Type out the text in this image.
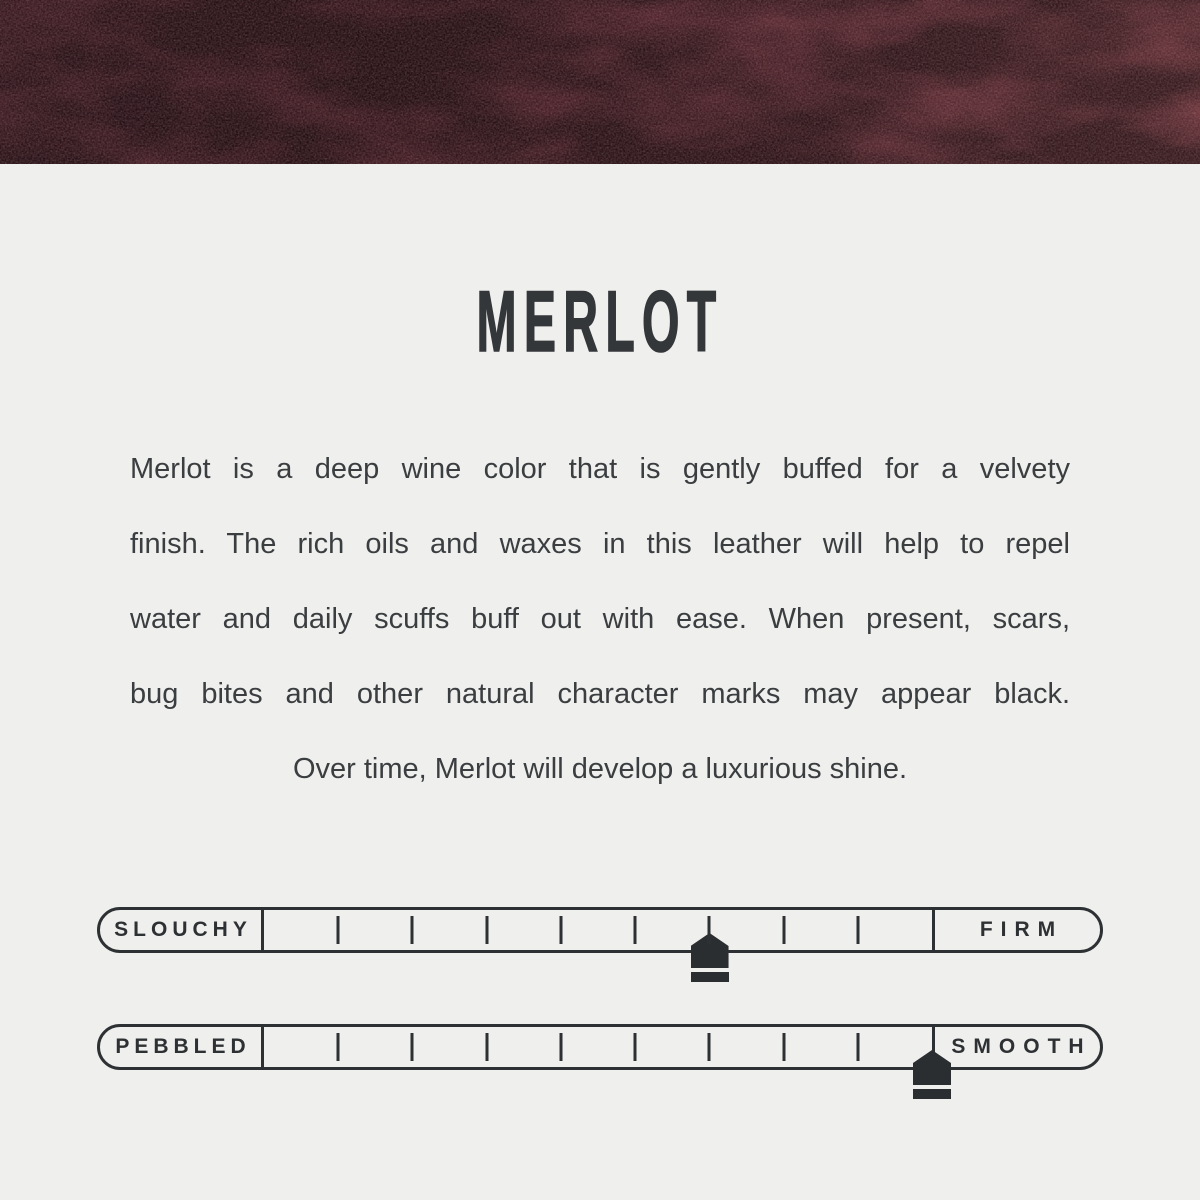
MERLOT
Merlot is a deep wine color that is gently buffed for a velvety
finish. The rich oils and waxes in this leather will help to repel
water and daily scuffs buff out with ease. When present, scars,
bug bites and other natural character marks may appear black.
Over time, Merlot will develop a luxurious shine.
SLOUCHY	FIRM
PEBBLED	SMOOTH
